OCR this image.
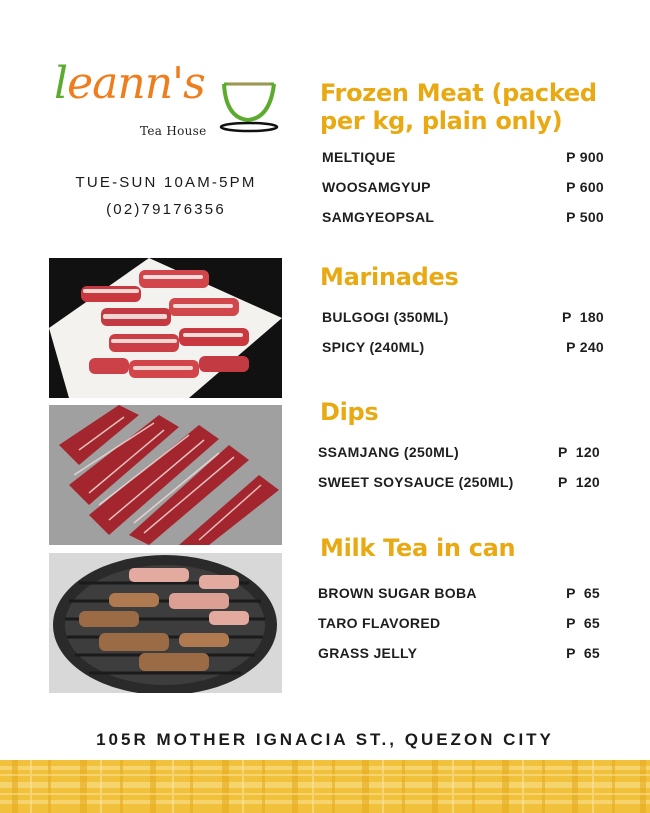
leann's
Tea House
TUE-SUN 10AM-5PM
(02)79176356
Frozen Meat (packed
per kg, plain only)
MELTIQUE	P 900
WOOSAMGYUP	P 600
SAMGYEOPSAL	P 500
Marinades
BULGOGI (350ML)	P  180
SPICY (240ML)	P 240
Dips
SSAMJANG (250ML)	P  120
SWEET SOYSAUCE (250ML)	P  120
Milk Tea in can
BROWN SUGAR BOBA	P  65
TARO FLAVORED	P  65
GRASS JELLY	P  65
105R MOTHER IGNACIA ST., QUEZON CITY
